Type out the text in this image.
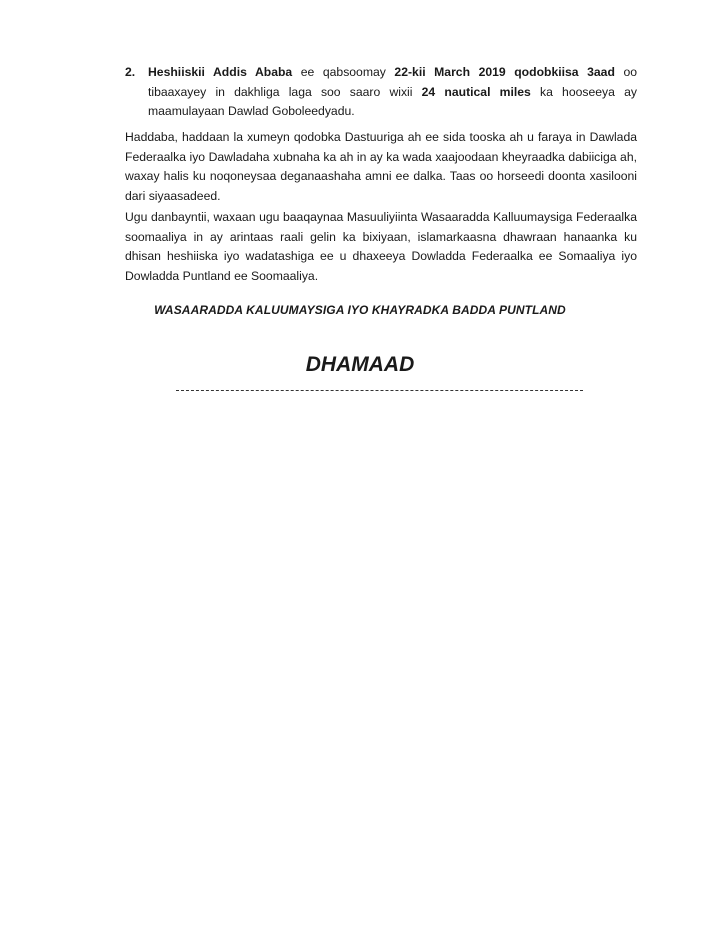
2. Heshiiskii Addis Ababa ee qabsoomay 22-kii March 2019 qodobkiisa 3aad oo tibaaxayey in dakhliga laga soo saaro wixii 24 nautical miles ka hooseeya ay maamulayaan Dawlad Goboleedyadu.

Haddaba, haddaan la xumeyn qodobka Dastuuriga ah ee sida tooska ah u faraya in Dawlada Federaalka iyo Dawladaha xubnaha ka ah in ay ka wada xaajoodaan kheyraadka dabiiciga ah, waxay halis ku noqoneysaa deganaashaha amni ee dalka. Taas oo horseedi doonta xasilooni dari siyaasadeed.

Ugu danbayntii, waxaan ugu baaqaynaa Masuuliyiinta Wasaaradda Kalluumaysiga Federaalka soomaaliya in ay arintaas raali gelin ka bixiyaan, islamarkaasna dhawraan hanaanka ku dhisan heshiiska iyo wadatashiga ee u dhaxeeya Dowladda Federaalka ee Somaaliya iyo Dowladda Puntland ee Soomaaliya.

WASAARADDA KALUUMAYSIGA IYO KHAYRADKA BADDA PUNTLAND
DHAMAAD
